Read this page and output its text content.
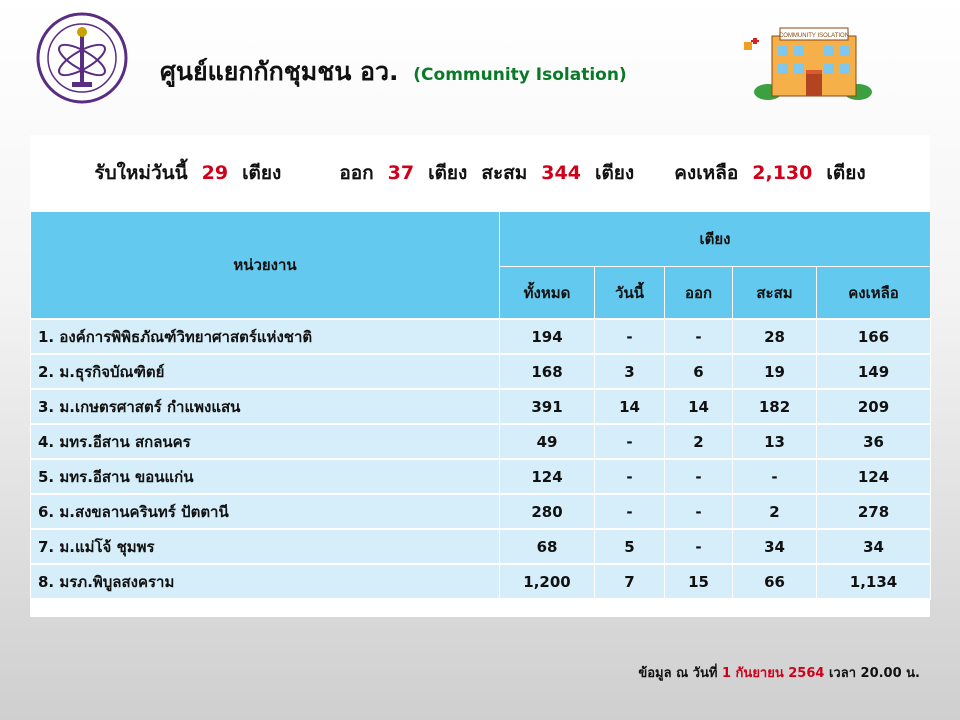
ศูนย์แยกกักชุมชน อว. (Community Isolation)
COMMUNITY ISOLATION
รับใหม่วันนี้ 29 เตียง	ออก 37 เตียง สะสม 344 เตียง คงเหลือ 2,130 เตียง
หน่วยงาน	เตียง				
	ทั้งหมด	วันนี้	ออก	สะสม	คงเหลือ
1. องค์การพิพิธภัณฑ์วิทยาศาสตร์แห่งชาติ	194	-	-	28	166
2. ม.ธุรกิจบัณฑิตย์	168	3	6	19	149
3. ม.เกษตรศาสตร์ กำแพงแสน	391	14	14	182	209
4. มทร.อีสาน สกลนคร	49	-	2	13	36
5. มทร.อีสาน ขอนแก่น	124	-	-	-	124
6. ม.สงขลานครินทร์ ปัตตานี	280	-	-	2	278
7. ม.แม่โจ้ ชุมพร	68	5	-	34	34
8. มรภ.พิบูลสงคราม	1,200	7	15	66	1,134
ข้อมูล ณ วันที่ 1 กันยายน 2564 เวลา 20.00 น.
